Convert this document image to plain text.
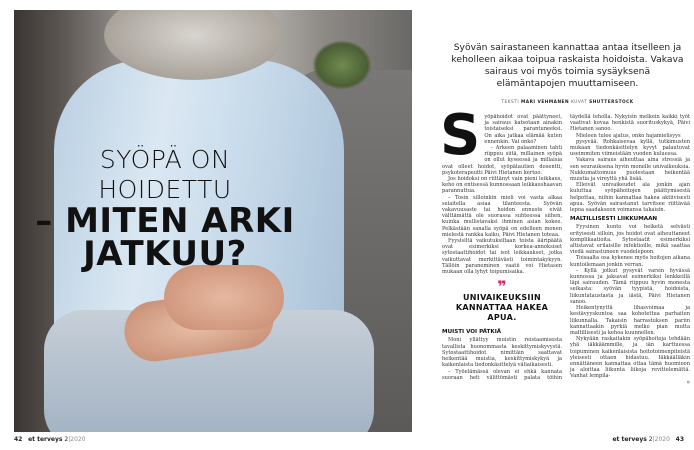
SYÖPÄ ON HOIDETTU
– MITEN ARKI
JATKUU?
Syövän sairastaneen kannattaa antaa itselleen ja keholleen aikaa toipua raskaista hoidoista. Vakava sairaus voi myös toimia sysäyksenä elämäntapojen muuttamiseen.
TEKSTI MARI VEHMANEN KUVAT SHUTTERSTOCK
S yöpähoidot ovat päättyneet, ja sairaus katsotaan ainakin toistaiseksi parantuneeksi. On aika jatkaa elämää kuten ennenkin. Vai onko?

– Arkeen palaaminen tahti riippuu siitä, millainen syöpä on ollut kyseessä ja millaisia ovat olleet hoidot, syöpätautien dosentti, psykoterapeutti Päivi Hietanen kertoo.

Jos hoidoksi on riittänyt vain pieni leikkaus, keho on entisessä kunnossaan leikkaushaavan parannuttua.

– Tosin silloinkin mieli voi vasta alkaa selaitella asiaa tilanteesta. Syövän vakavuusaste tai hoidon ennuste eivät välttämättä ole suorassa suhteessa siihen, kuinka mullistavaksi ihminen asian kokee. Pelkästään sanalla syöpä on edelleen monen mielestä rankka kaiku, Päivi Hietanen toteaa.

Fyysisiltä vaikutuksiltaan toista ääripäätä ovat esimerkiksi korkea-annoksiset sytostaattihoidot tai isot leikkaukset, jotka vaikuttavat merkittävästi toimintakykyyn. Tällöin paraneminen vaatii voi Hietasen mukaan olla lyhyt toipumisaika.

❞
UNIVAIKEUKSIIN KANNATTAA HAKEA APUA.
MUISTI VOI PÄTKIÄ

Moni yllättyy muistin reistaamisesta tavallista huonommasta keskittymiskyvystä. Sytostaattihoidot nimittäin saattavat heikentää muistia, keskittymiskykyä ja kaikenlaista tiedonkäsittelyä väliaikaisesti.

– Työelämässä olevan ei ehkä kannata suoraan heti välittömästi palata töihin täydellä teholla. Nykyisin melkein kaikki työt vaativat kovaa henkistä suorituskykyä, Päivi Hietanen sanoo.

Mieleen tulee ajatus, onko hajamielisyys

pysyvää. Rohkaisevaa kyllä, tutkimusten mukaan tiedonkäsittelyn kyvyt palautuvat useimmiten viimeistään vuoden kuluessa.

Vakava sairaus aiheuttaa aina stressiä ja sen seurauksena hyvin monelle univaikeuksia. Nukkumattomuus puolestaan heikentää muistia ja vireyttä yhä lisää.

Elleivät univaikeudet ala jonkin ajan kuluttua syöpähoitojen päättymisestä helpottaa, niihin kannattaa hakea aktiivisesti apua. Syövän sairastanut tarvitsee riittävää lepoa saadakseen voimansa takaisin.

MALTILLISESTI LIIKKUMAAN

Fyysinen kunto voi heiketä selvästi erityisesti silloin, jos hoidot ovat aiheuttaneet komplikaatioita. Sytostaatit esimerkiksi altistavat erilaisille infektioille, mikä saattaa viedä sairastuneen vuodelepoon.

Toisaalta osa kykenee myös hoitojen aikana kuntoilemaan jonkin verran.

– Kyllä jotkut pysyvät varsin hyvässä kunnossa ja jaksavat esimerkiksi lenkkeillä läpi sairauden. Tämä riippuu hyvin monesta seikasta: syövän tyypistä, hoidoista, liikuntataustasta ja iästä, Päivi Hietanen sanoo.

Heikentynyttä lihasvoimaa ja kestävyyskuntoa saa kohotettua parhaiten liikunnalla. Takaisin harrastuksen pariin kannattaakin pyrkiä melko pian mutta maltillisesti ja kehoa kuunnellen.

Nykyään raskaitakin syöpähoitoja tehdään yhä iäkkäämmille, ja iän karttuessa toipuminen kaikenlaisista hoitotoimenpiteistä yleisesti ottaen hidastuu. Iäkkäälläkin ennättäneen kannattaa ottaa tämä huomioon ja aloittaa liikunta liikoja revittelemättä. Vanhat lempila-

»
42 et terveys 2|2020	et terveys 2|2020 43
